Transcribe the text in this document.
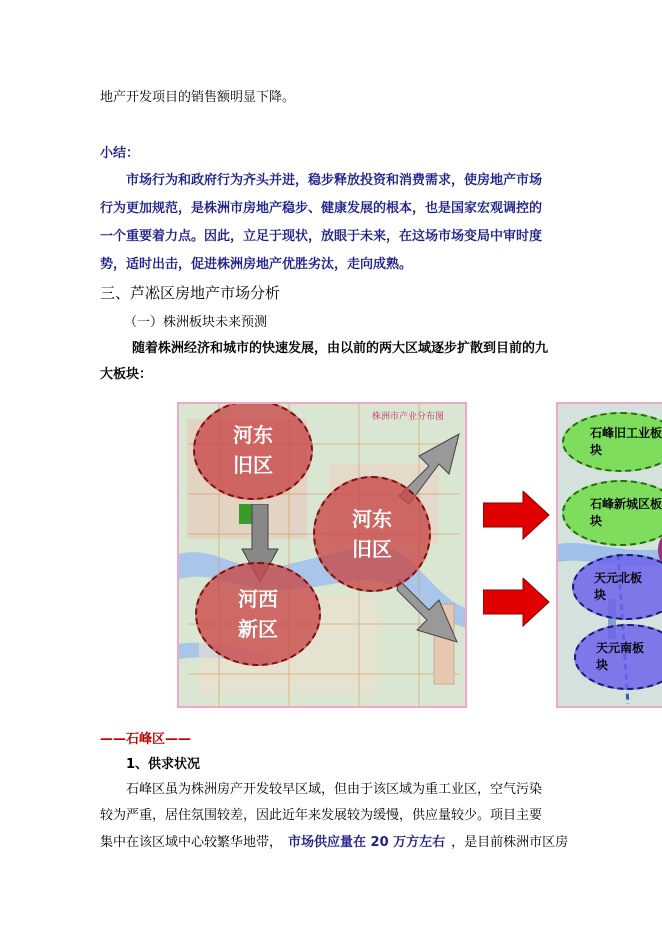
地产开发项目的销售额明显下降。
小结：
市场行为和政府行为齐头并进，稳步释放投资和消费需求，使房地产市场
行为更加规范，是株洲市房地产稳步、健康发展的根本，也是国家宏观调控的
一个重要着力点。因此，立足于现状，放眼于未来，在这场市场变局中审时度
势，适时出击，促进株洲房地产优胜劣汰，走向成熟。
三、芦凇区房地产市场分析
（一）株洲板块未来预测
随着株洲经济和城市的快速发展，由以前的两大区域逐步扩散到目前的九
大板块：
株洲市产业分布图
河东
旧区
河东
旧区
河西
新区
石峰旧工业板
块
石峰新城区板
块
天元北板
块
天元南板
块
——石峰区——
1、供求状况
石峰区虽为株洲房产开发较早区域，但由于该区域为重工业区，空气污染
较为严重，居住氛围较差，因此近年来发展较为缓慢，供应量较少。项目主要
集中在该区域中心较繁华地带， 市场供应量在 20 万方左右 ，是目前株洲市区房
